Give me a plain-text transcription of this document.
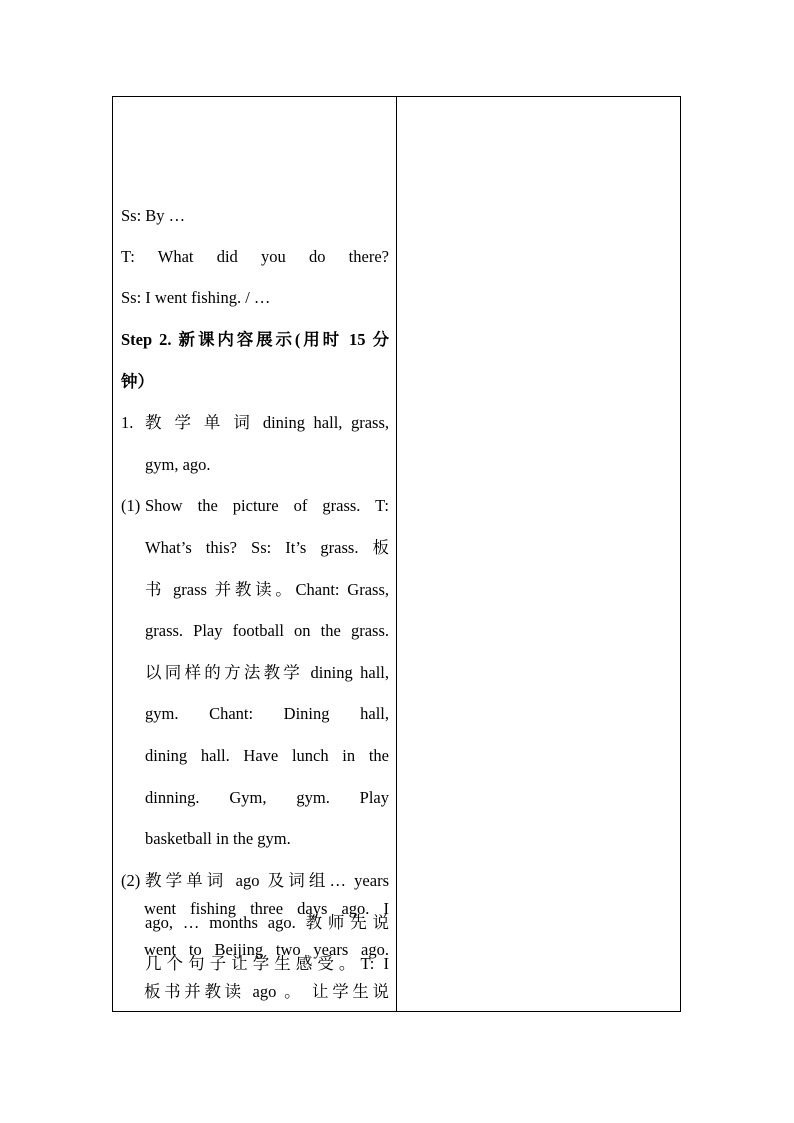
Ss: By …
T: What did you do there?
Ss: I went fishing. / …
Step 2. 新课内容展示(用时 15 分
钟）
1. 教 学 单 词 dining hall, grass,
gym, ago.
(1) Show the picture of grass. T:
What’s this? Ss: It’s grass. 板
书 grass 并教读。Chant: Grass,
grass. Play football on the grass.
以同样的方法教学 dining hall,
gym. Chant: Dining hall,
dining hall. Have lunch in the
dinning. Gym, gym. Play
basketball in the gym.
(2) 教学单词 ago 及词组… years
ago, … months ago. 教师先说
几个句子让学生感受。T: I
went fishing three days ago. I
went to Beijing two years ago.
板书并教读 ago 。 让学生说
